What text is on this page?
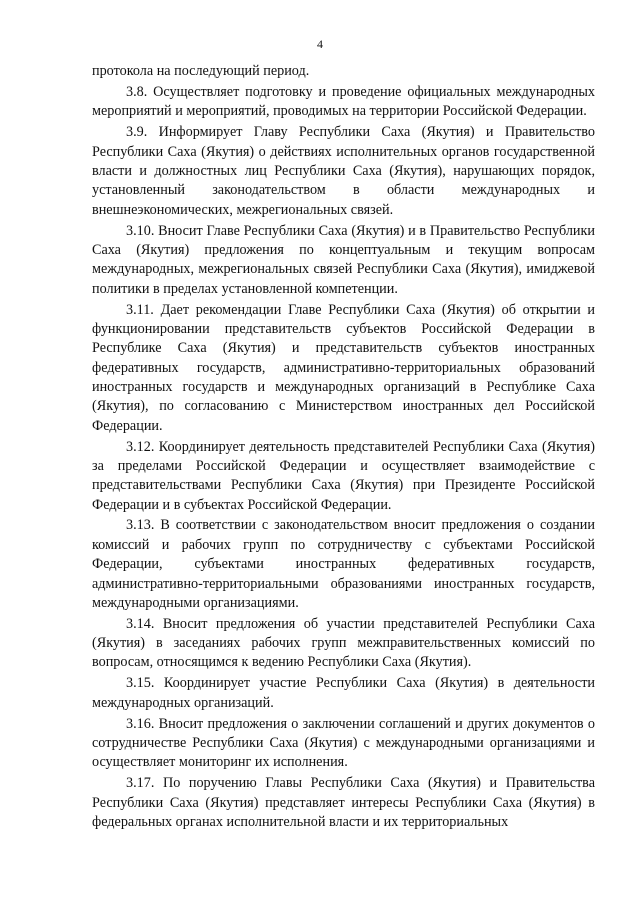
4

протокола на последующий период.

3.8. Осуществляет подготовку и проведение официальных международных мероприятий и мероприятий, проводимых на территории Российской Федерации.

3.9. Информирует Главу Республики Саха (Якутия) и Правительство Республики Саха (Якутия) о действиях исполнительных органов государственной власти и должностных лиц Республики Саха (Якутия), нарушающих порядок, установленный законодательством в области международных и внешнеэкономических, межрегиональных связей.

3.10. Вносит Главе Республики Саха (Якутия) и в Правительство Республики Саха (Якутия) предложения по концептуальным и текущим вопросам международных, межрегиональных связей Республики Саха (Якутия), имиджевой политики в пределах установленной компетенции.

3.11. Дает рекомендации Главе Республики Саха (Якутия) об открытии и функционировании представительств субъектов Российской Федерации в Республике Саха (Якутия) и представительств субъектов иностранных федеративных государств, административно-территориальных образований иностранных государств и международных организаций в Республике Саха (Якутия), по согласованию с Министерством иностранных дел Российской Федерации.

3.12. Координирует деятельность представителей Республики Саха (Якутия) за пределами Российской Федерации и осуществляет взаимодействие с представительствами Республики Саха (Якутия) при Президенте Российской Федерации и в субъектах Российской Федерации.

3.13. В соответствии с законодательством вносит предложения о создании комиссий и рабочих групп по сотрудничеству с субъектами Российской Федерации, субъектами иностранных федеративных государств, административно-территориальными образованиями иностранных государств, международными организациями.

3.14. Вносит предложения об участии представителей Республики Саха (Якутия) в заседаниях рабочих групп межправительственных комиссий по вопросам, относящимся к ведению Республики Саха (Якутия).

3.15. Координирует участие Республики Саха (Якутия) в деятельности международных организаций.

3.16. Вносит предложения о заключении соглашений и других документов о сотрудничестве Республики Саха (Якутия) с международными организациями и осуществляет мониторинг их исполнения.

3.17. По поручению Главы Республики Саха (Якутия) и Правительства Республики Саха (Якутия) представляет интересы Республики Саха (Якутия) в федеральных органах исполнительной власти и их территориальных
